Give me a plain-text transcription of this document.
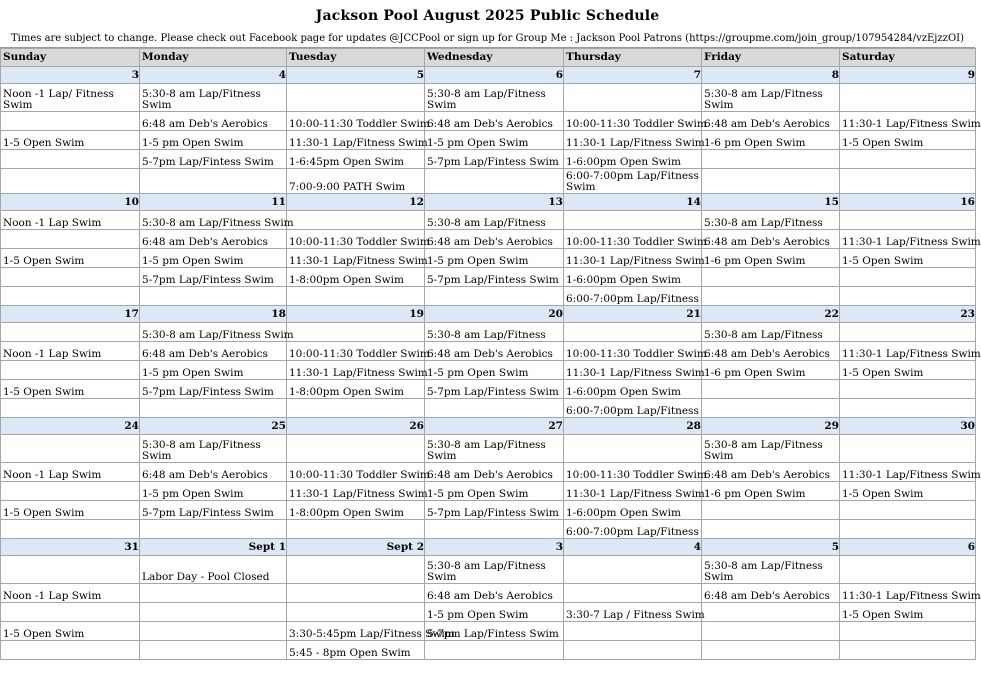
Jackson Pool August 2025 Public Schedule
Times are subject to change. Please check out Facebook page for updates @JCCPool or sign up for Group Me : Jackson Pool Patrons (https://groupme.com/join_group/107954284/vzEjzzOI)
Sunday	Monday	Tuesday	Wednesday	Thursday	Friday	Saturday
3	4	5	6	7	8	9

Noon -1 Lap/ Fitness Swim	5:30-8 am Lap/Fitness Swim		5:30-8 am Lap/Fitness Swim		5:30-8 am Lap/Fitness Swim	

	6:48 am Deb's Aerobics	10:00-11:30 Toddler Swim	6:48 am Deb's Aerobics	10:00-11:30 Toddler Swim	6:48 am Deb's Aerobics	11:30-1 Lap/Fitness Swim

1-5 Open Swim	1-5 pm Open Swim	11:30-1 Lap/Fitness Swim	1-5 pm Open Swim	11:30-1 Lap/Fitness Swim	1-6 pm Open Swim	1-5 Open Swim

	5-7pm Lap/Fintess Swim	1-6:45pm Open Swim	5-7pm Lap/Fintess Swim	1-6:00pm Open Swim		

		7:00-9:00 PATH Swim		6:00-7:00pm Lap/Fitness Swim		

10	11	12	13	14	15	16

Noon -1 Lap Swim	5:30-8 am Lap/Fitness Swim		5:30-8 am Lap/Fitness		5:30-8 am Lap/Fitness	

	6:48 am Deb's Aerobics	10:00-11:30 Toddler Swim	6:48 am Deb's Aerobics	10:00-11:30 Toddler Swim	6:48 am Deb's Aerobics	11:30-1 Lap/Fitness Swim

1-5 Open Swim	1-5 pm Open Swim	11:30-1 Lap/Fitness Swim	1-5 pm Open Swim	11:30-1 Lap/Fitness Swim	1-6 pm Open Swim	1-5 Open Swim

	5-7pm Lap/Fintess Swim	1-8:00pm Open Swim	5-7pm Lap/Fintess Swim	1-6:00pm Open Swim		

				6:00-7:00pm Lap/Fitness		

17	18	19	20	21	22	23

	5:30-8 am Lap/Fitness Swim		5:30-8 am Lap/Fitness		5:30-8 am Lap/Fitness	

Noon -1 Lap Swim	6:48 am Deb's Aerobics	10:00-11:30 Toddler Swim	6:48 am Deb's Aerobics	10:00-11:30 Toddler Swim	6:48 am Deb's Aerobics	11:30-1 Lap/Fitness Swim

	1-5 pm Open Swim	11:30-1 Lap/Fitness Swim	1-5 pm Open Swim	11:30-1 Lap/Fitness Swim	1-6 pm Open Swim	1-5 Open Swim

1-5 Open Swim	5-7pm Lap/Fintess Swim	1-8:00pm Open Swim	5-7pm Lap/Fintess Swim	1-6:00pm Open Swim		

				6:00-7:00pm Lap/Fitness		

24	25	26	27	28	29	30

	5:30-8 am Lap/Fitness Swim		5:30-8 am Lap/Fitness Swim		5:30-8 am Lap/Fitness Swim	

Noon -1 Lap Swim	6:48 am Deb's Aerobics	10:00-11:30 Toddler Swim	6:48 am Deb's Aerobics	10:00-11:30 Toddler Swim	6:48 am Deb's Aerobics	11:30-1 Lap/Fitness Swim

	1-5 pm Open Swim	11:30-1 Lap/Fitness Swim	1-5 pm Open Swim	11:30-1 Lap/Fitness Swim	1-6 pm Open Swim	1-5 Open Swim

1-5 Open Swim	5-7pm Lap/Fintess Swim	1-8:00pm Open Swim	5-7pm Lap/Fintess Swim	1-6:00pm Open Swim		

				6:00-7:00pm Lap/Fitness		

31	Sept 1	Sept 2	3	4	5	6

	Labor Day - Pool Closed		5:30-8 am Lap/Fitness Swim		5:30-8 am Lap/Fitness Swim	

Noon -1 Lap Swim			6:48 am Deb's Aerobics		6:48 am Deb's Aerobics	11:30-1 Lap/Fitness Swim

			1-5 pm Open Swim	3:30-7 Lap / Fitness Swim		1-5 Open Swim

1-5 Open Swim		3:30-5:45pm Lap/Fitness Swim	5-7pm Lap/Fintess Swim			

		5:45 - 8pm Open Swim				
